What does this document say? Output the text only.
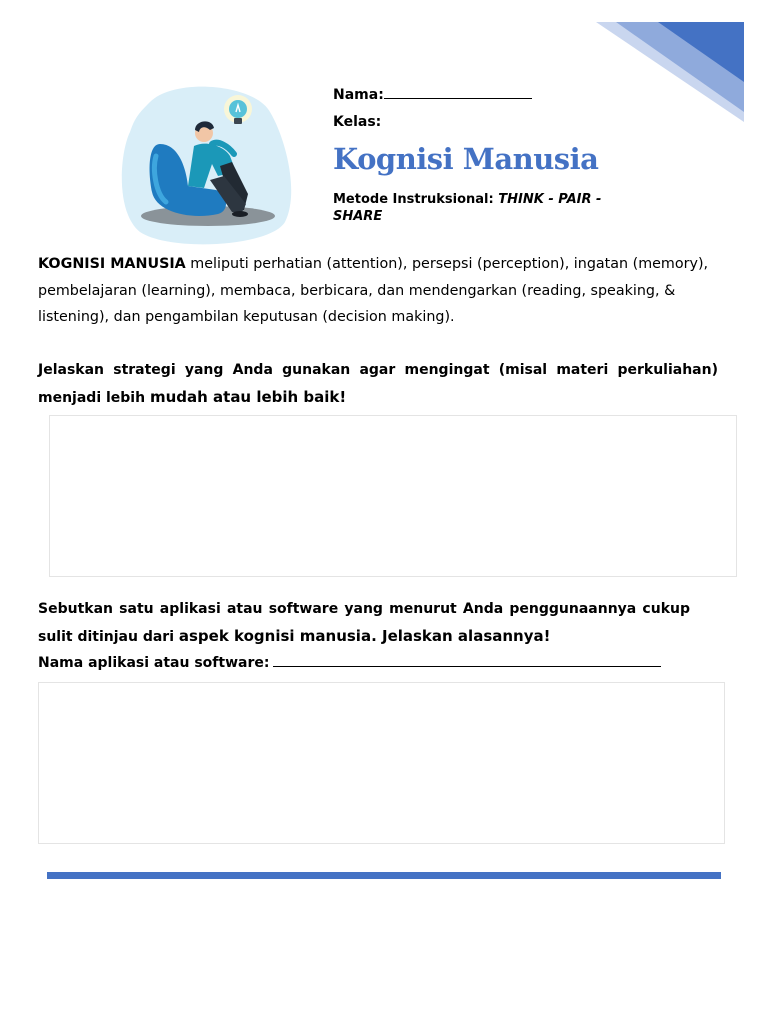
Nama:
Kelas:
Kognisi Manusia
Metode Instruksional: THINK - PAIR - SHARE
KOGNISI MANUSIA meliputi perhatian (attention), persepsi (perception), ingatan (memory), pembelajaran (learning), membaca, berbicara, dan mendengarkan (reading, speaking, & listening), dan pengambilan keputusan (decision making).
Jelaskan strategi yang Anda gunakan agar mengingat (misal materi perkuliahan) menjadi lebih mudah atau lebih baik!
Sebutkan satu aplikasi atau software yang menurut Anda penggunaannya cukup sulit ditinjau dari aspek kognisi manusia. Jelaskan alasannya!
Nama aplikasi atau software:
